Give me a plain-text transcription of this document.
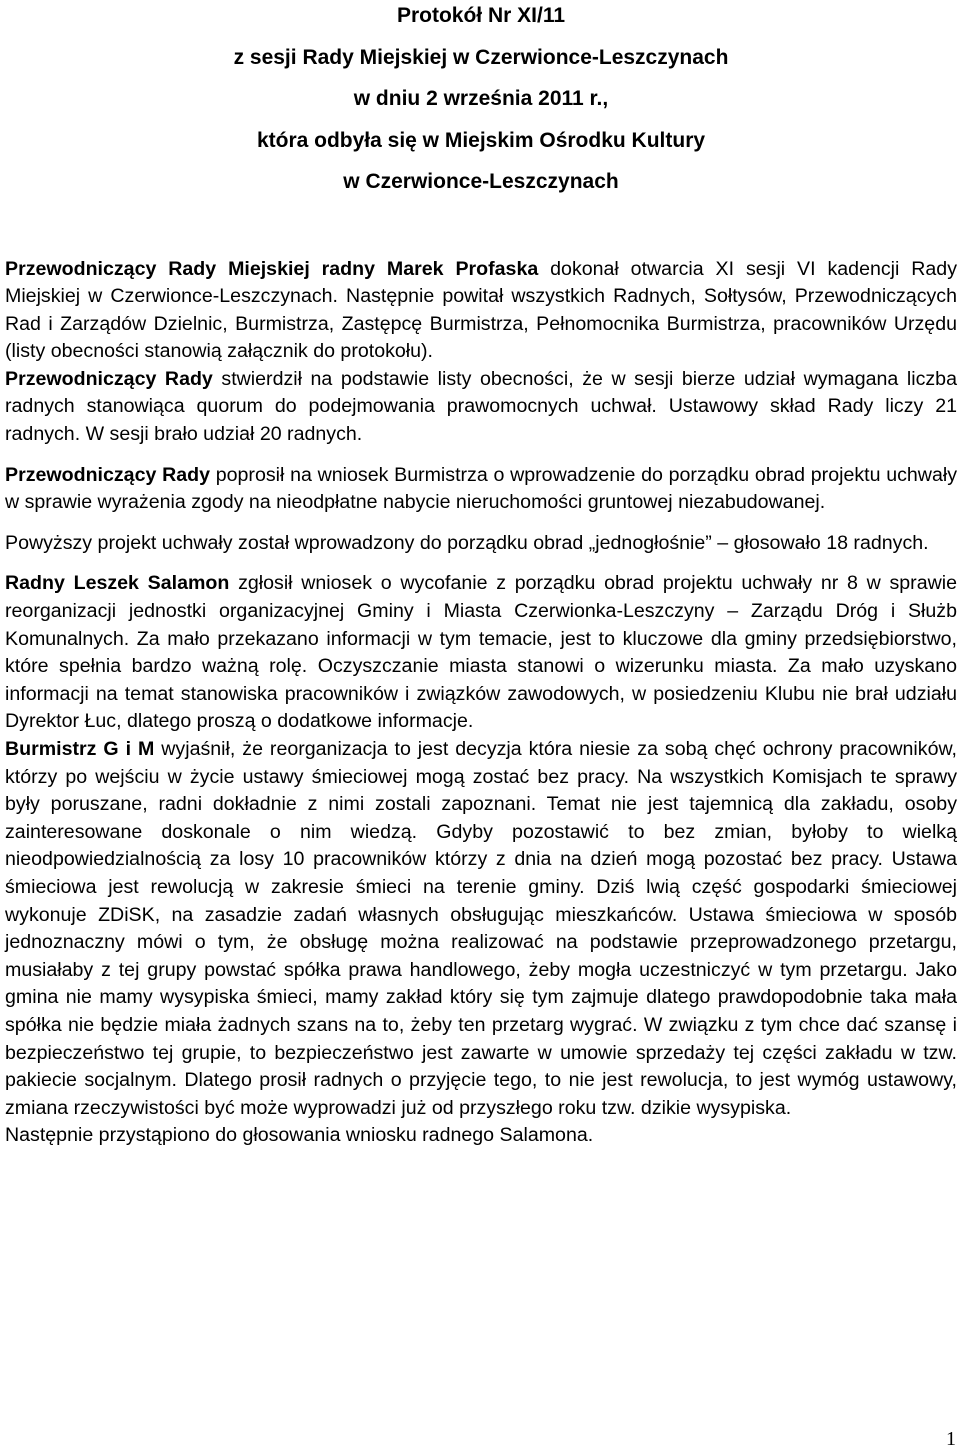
Protokół Nr XI/11
z sesji Rady Miejskiej w Czerwionce-Leszczynach
w dniu 2 września 2011 r.,
która odbyła się w Miejskim Ośrodku Kultury
w Czerwionce-Leszczynach
Przewodniczący Rady Miejskiej radny Marek Profaska dokonał otwarcia XI sesji VI kadencji Rady Miejskiej w Czerwionce-Leszczynach. Następnie powitał wszystkich Radnych, Sołtysów, Przewodniczących Rad i Zarządów Dzielnic, Burmistrza, Zastępcę Burmistrza, Pełnomocnika Burmistrza, pracowników Urzędu (listy obecności stanowią załącznik do protokołu).
Przewodniczący Rady stwierdził na podstawie listy obecności, że w sesji bierze udział wymagana liczba radnych stanowiąca quorum do podejmowania prawomocnych uchwał. Ustawowy skład Rady liczy 21 radnych. W sesji brało udział 20 radnych.
Przewodniczący Rady poprosił na wniosek Burmistrza o wprowadzenie do porządku obrad projektu uchwały w sprawie wyrażenia zgody na nieodpłatne nabycie nieruchomości gruntowej niezabudowanej.
Powyższy projekt uchwały został wprowadzony do porządku obrad „jednogłośnie” – głosowało 18 radnych.
Radny Leszek Salamon zgłosił wniosek o wycofanie z porządku obrad projektu uchwały nr 8 w sprawie reorganizacji jednostki organizacyjnej Gminy i Miasta Czerwionka-Leszczyny – Zarządu Dróg i Służb Komunalnych. Za mało przekazano informacji w tym temacie, jest to kluczowe dla gminy przedsiębiorstwo, które spełnia bardzo ważną rolę. Oczyszczanie miasta stanowi o wizerunku miasta. Za mało uzyskano informacji na temat stanowiska pracowników i związków zawodowych, w posiedzeniu Klubu nie brał udziału Dyrektor Łuc, dlatego proszą o dodatkowe informacje.
Burmistrz G i M wyjaśnił, że reorganizacja to jest decyzja która niesie za sobą chęć ochrony pracowników, którzy po wejściu w życie ustawy śmieciowej mogą zostać bez pracy. Na wszystkich Komisjach te sprawy były poruszane, radni dokładnie z nimi zostali zapoznani. Temat nie jest tajemnicą dla zakładu, osoby zainteresowane doskonale o nim wiedzą. Gdyby pozostawić to bez zmian, byłoby to wielką nieodpowiedzialnością za losy 10 pracowników którzy z dnia na dzień mogą pozostać bez pracy. Ustawa śmieciowa jest rewolucją w zakresie śmieci na terenie gminy. Dziś lwią część gospodarki śmieciowej wykonuje ZDiSK, na zasadzie zadań własnych obsługując mieszkańców. Ustawa śmieciowa w sposób jednoznaczny mówi o tym, że obsługę można realizować na podstawie przeprowadzonego przetargu, musiałaby z tej grupy powstać spółka prawa handlowego, żeby mogła uczestniczyć w tym przetargu. Jako gmina nie mamy wysypiska śmieci, mamy zakład który się tym zajmuje dlatego prawdopodobnie taka mała spółka nie będzie miała żadnych szans na to, żeby ten przetarg wygrać. W związku z tym chce dać szansę i bezpieczeństwo tej grupie, to bezpieczeństwo jest zawarte w umowie sprzedaży tej części zakładu w tzw. pakiecie socjalnym. Dlatego prosił radnych o przyjęcie tego, to nie jest rewolucja, to jest wymóg ustawowy, zmiana rzeczywistości być może wyprowadzi już od przyszłego roku tzw. dzikie wysypiska.
Następnie przystąpiono do głosowania wniosku radnego Salamona.
1
